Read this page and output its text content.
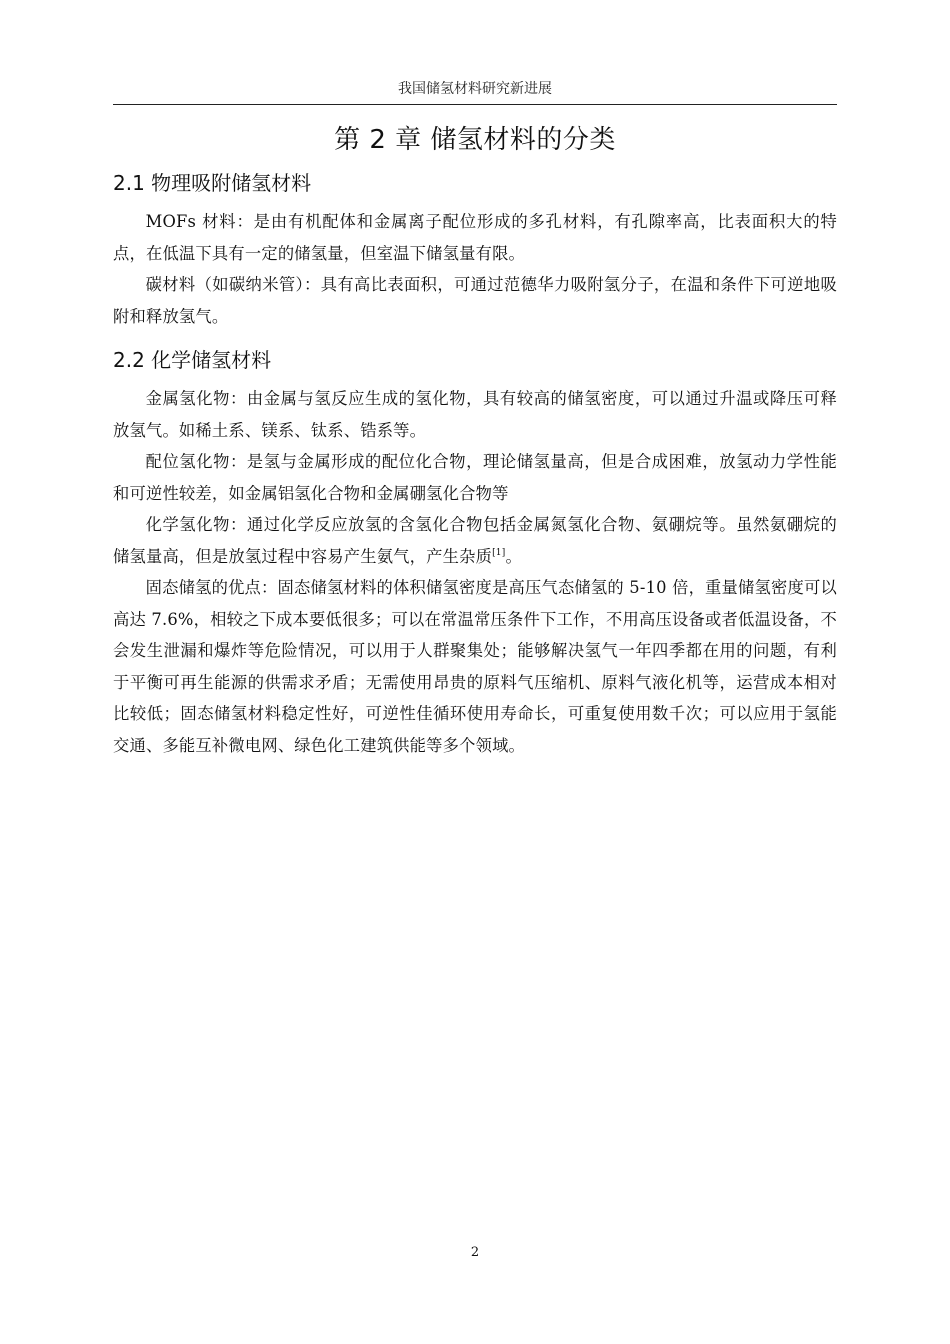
我国储氢材料研究新进展
第 2 章 储氢材料的分类
2.1 物理吸附储氢材料

MOFs 材料：是由有机配体和金属离子配位形成的多孔材料，有孔隙率高，比表面积大的特点，在低温下具有一定的储氢量，但室温下储氢量有限。

碳材料（如碳纳米管）：具有高比表面积，可通过范德华力吸附氢分子，在温和条件下可逆地吸附和释放氢气。

2.2 化学储氢材料

金属氢化物：由金属与氢反应生成的氢化物，具有较高的储氢密度，可以通过升温或降压可释放氢气。如稀土系、镁系、钛系、锆系等。

配位氢化物：是氢与金属形成的配位化合物，理论储氢量高，但是合成困难，放氢动力学性能和可逆性较差，如金属铝氢化合物和金属硼氢化合物等

化学氢化物：通过化学反应放氢的含氢化合物包括金属氮氢化合物、氨硼烷等。虽然氨硼烷的储氢量高，但是放氢过程中容易产生氨气，产生杂质[1]。

固态储氢的优点：固态储氢材料的体积储氢密度是高压气态储氢的 5-10 倍，重量储氢密度可以高达 7.6%，相较之下成本要低很多；可以在常温常压条件下工作，不用高压设备或者低温设备，不会发生泄漏和爆炸等危险情况，可以用于人群聚集处；能够解决氢气一年四季都在用的问题，有利于平衡可再生能源的供需求矛盾；无需使用昂贵的原料气压缩机、原料气液化机等，运营成本相对比较低；固态储氢材料稳定性好，可逆性佳循环使用寿命长，可重复使用数千次；可以应用于氢能交通、多能互补微电网、绿色化工建筑供能等多个领域。

2
